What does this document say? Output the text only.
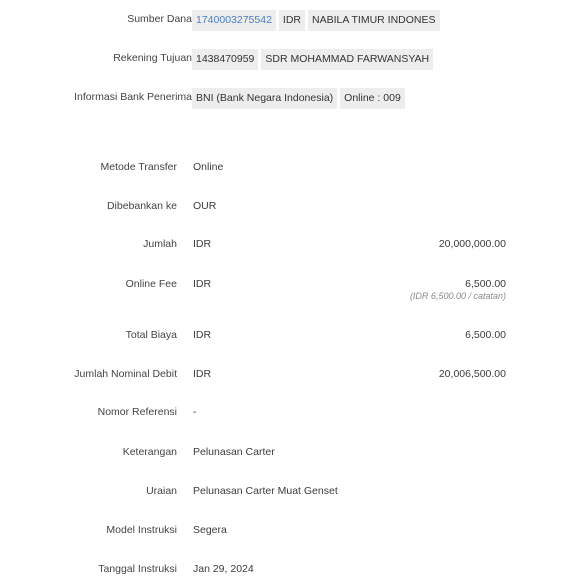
Sumber Dana 1740003275542	IDR	NABILA TIMUR INDONES
Rekening Tujuan 1438470959	SDR MOHAMMAD FARWANSYAH
Informasi Bank Penerima BNI (Bank Negara Indonesia)	Online : 009
Metode Transfer Online
Dibebankan ke OUR
Jumlah IDR	20,000,000.00
Online Fee IDR	6,500.00
(IDR 6,500.00 / catatan)
Total Biaya IDR	6,500.00
Jumlah Nominal Debit IDR	20,006,500.00
Nomor Referensi -
Keterangan Pelunasan Carter
Uraian Pelunasan Carter Muat Genset
Model Instruksi Segera
Tanggal Instruksi Jan 29, 2024
